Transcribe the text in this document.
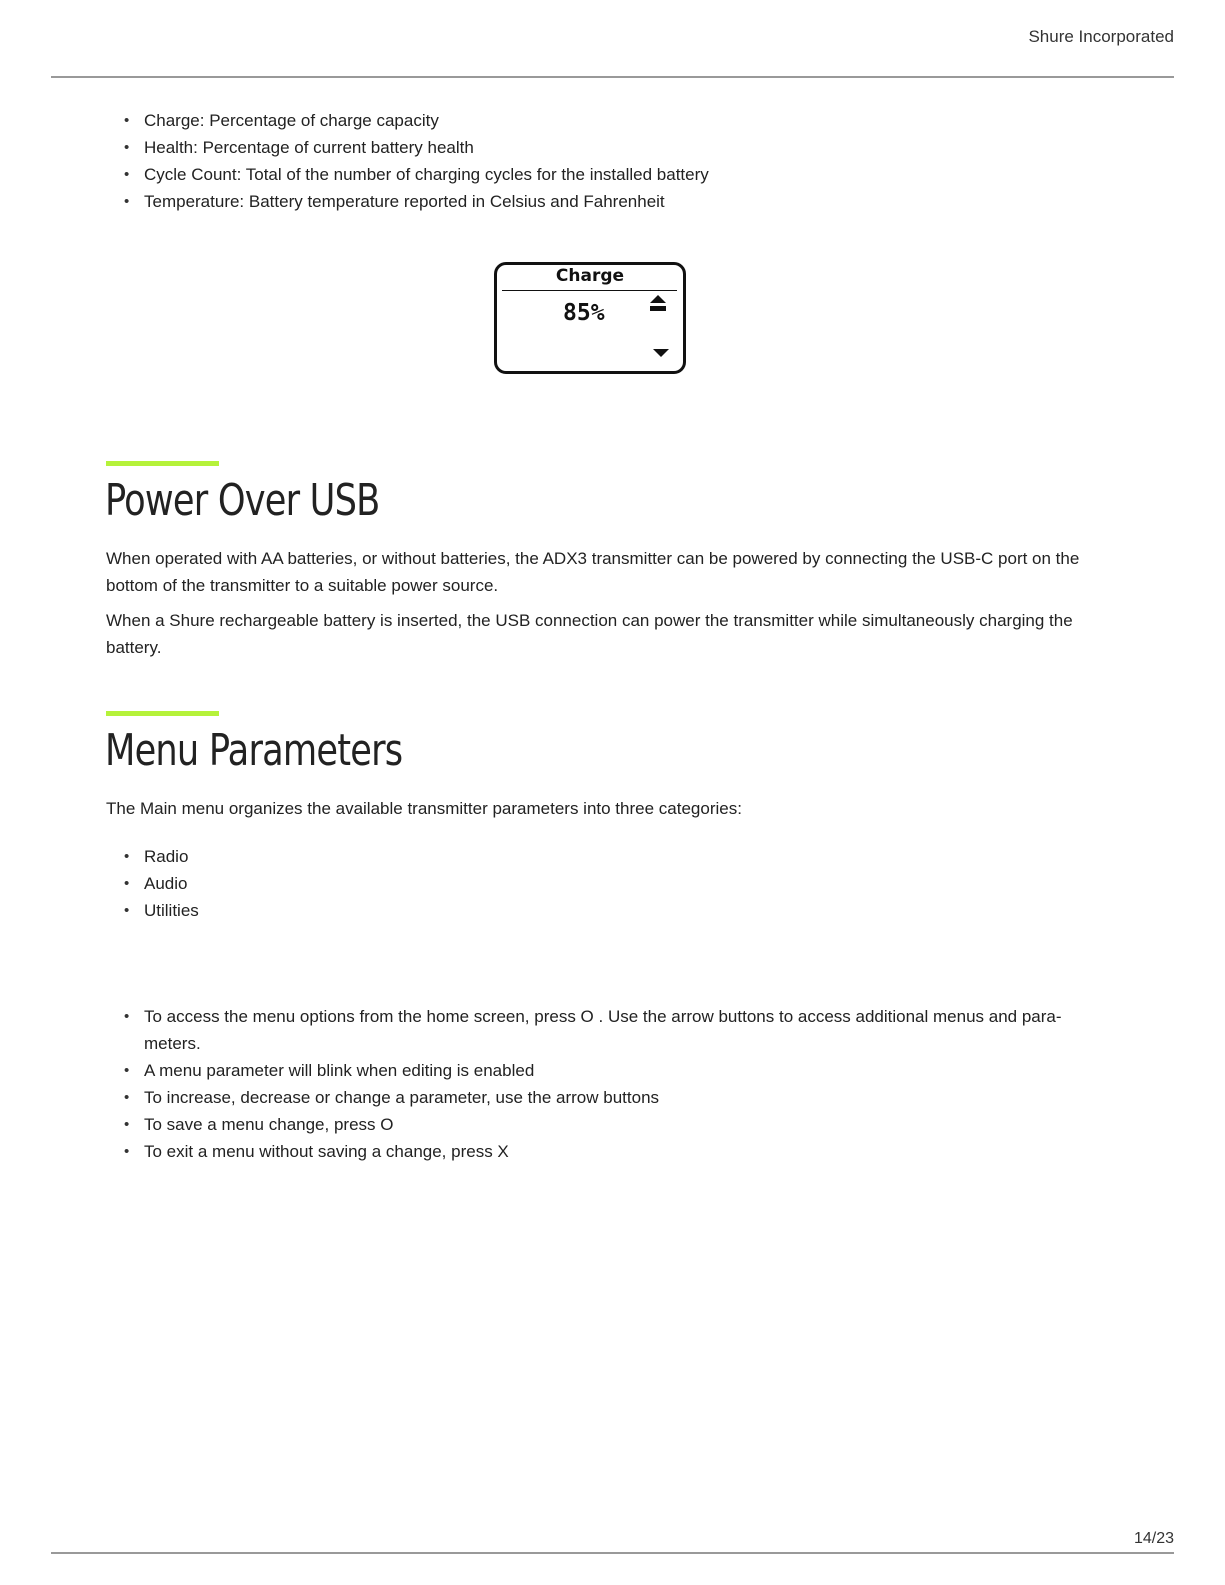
Shure Incorporated
• Charge: Percentage of charge capacity
• Health: Percentage of current battery health
• Cycle Count: Total of the number of charging cycles for the installed battery
• Temperature: Battery temperature reported in Celsius and Fahrenheit
Charge
85%
Power Over USB

When operated with AA batteries, or without batteries, the ADX3 transmitter can be powered by connecting the USB-C port on the bottom of the transmitter to a suitable power source.

When a Shure rechargeable battery is inserted, the USB connection can power the transmitter while simultaneously charging the battery.

Menu Parameters

The Main menu organizes the available transmitter parameters into three categories:

• Radio
• Audio
• Utilities
• To access the menu options from the home screen, press O . Use the arrow buttons to access additional menus and para- meters.
• A menu parameter will blink when editing is enabled
• To increase, decrease or change a parameter, use the arrow buttons
• To save a menu change, press O
• To exit a menu without saving a change, press X
14/23
